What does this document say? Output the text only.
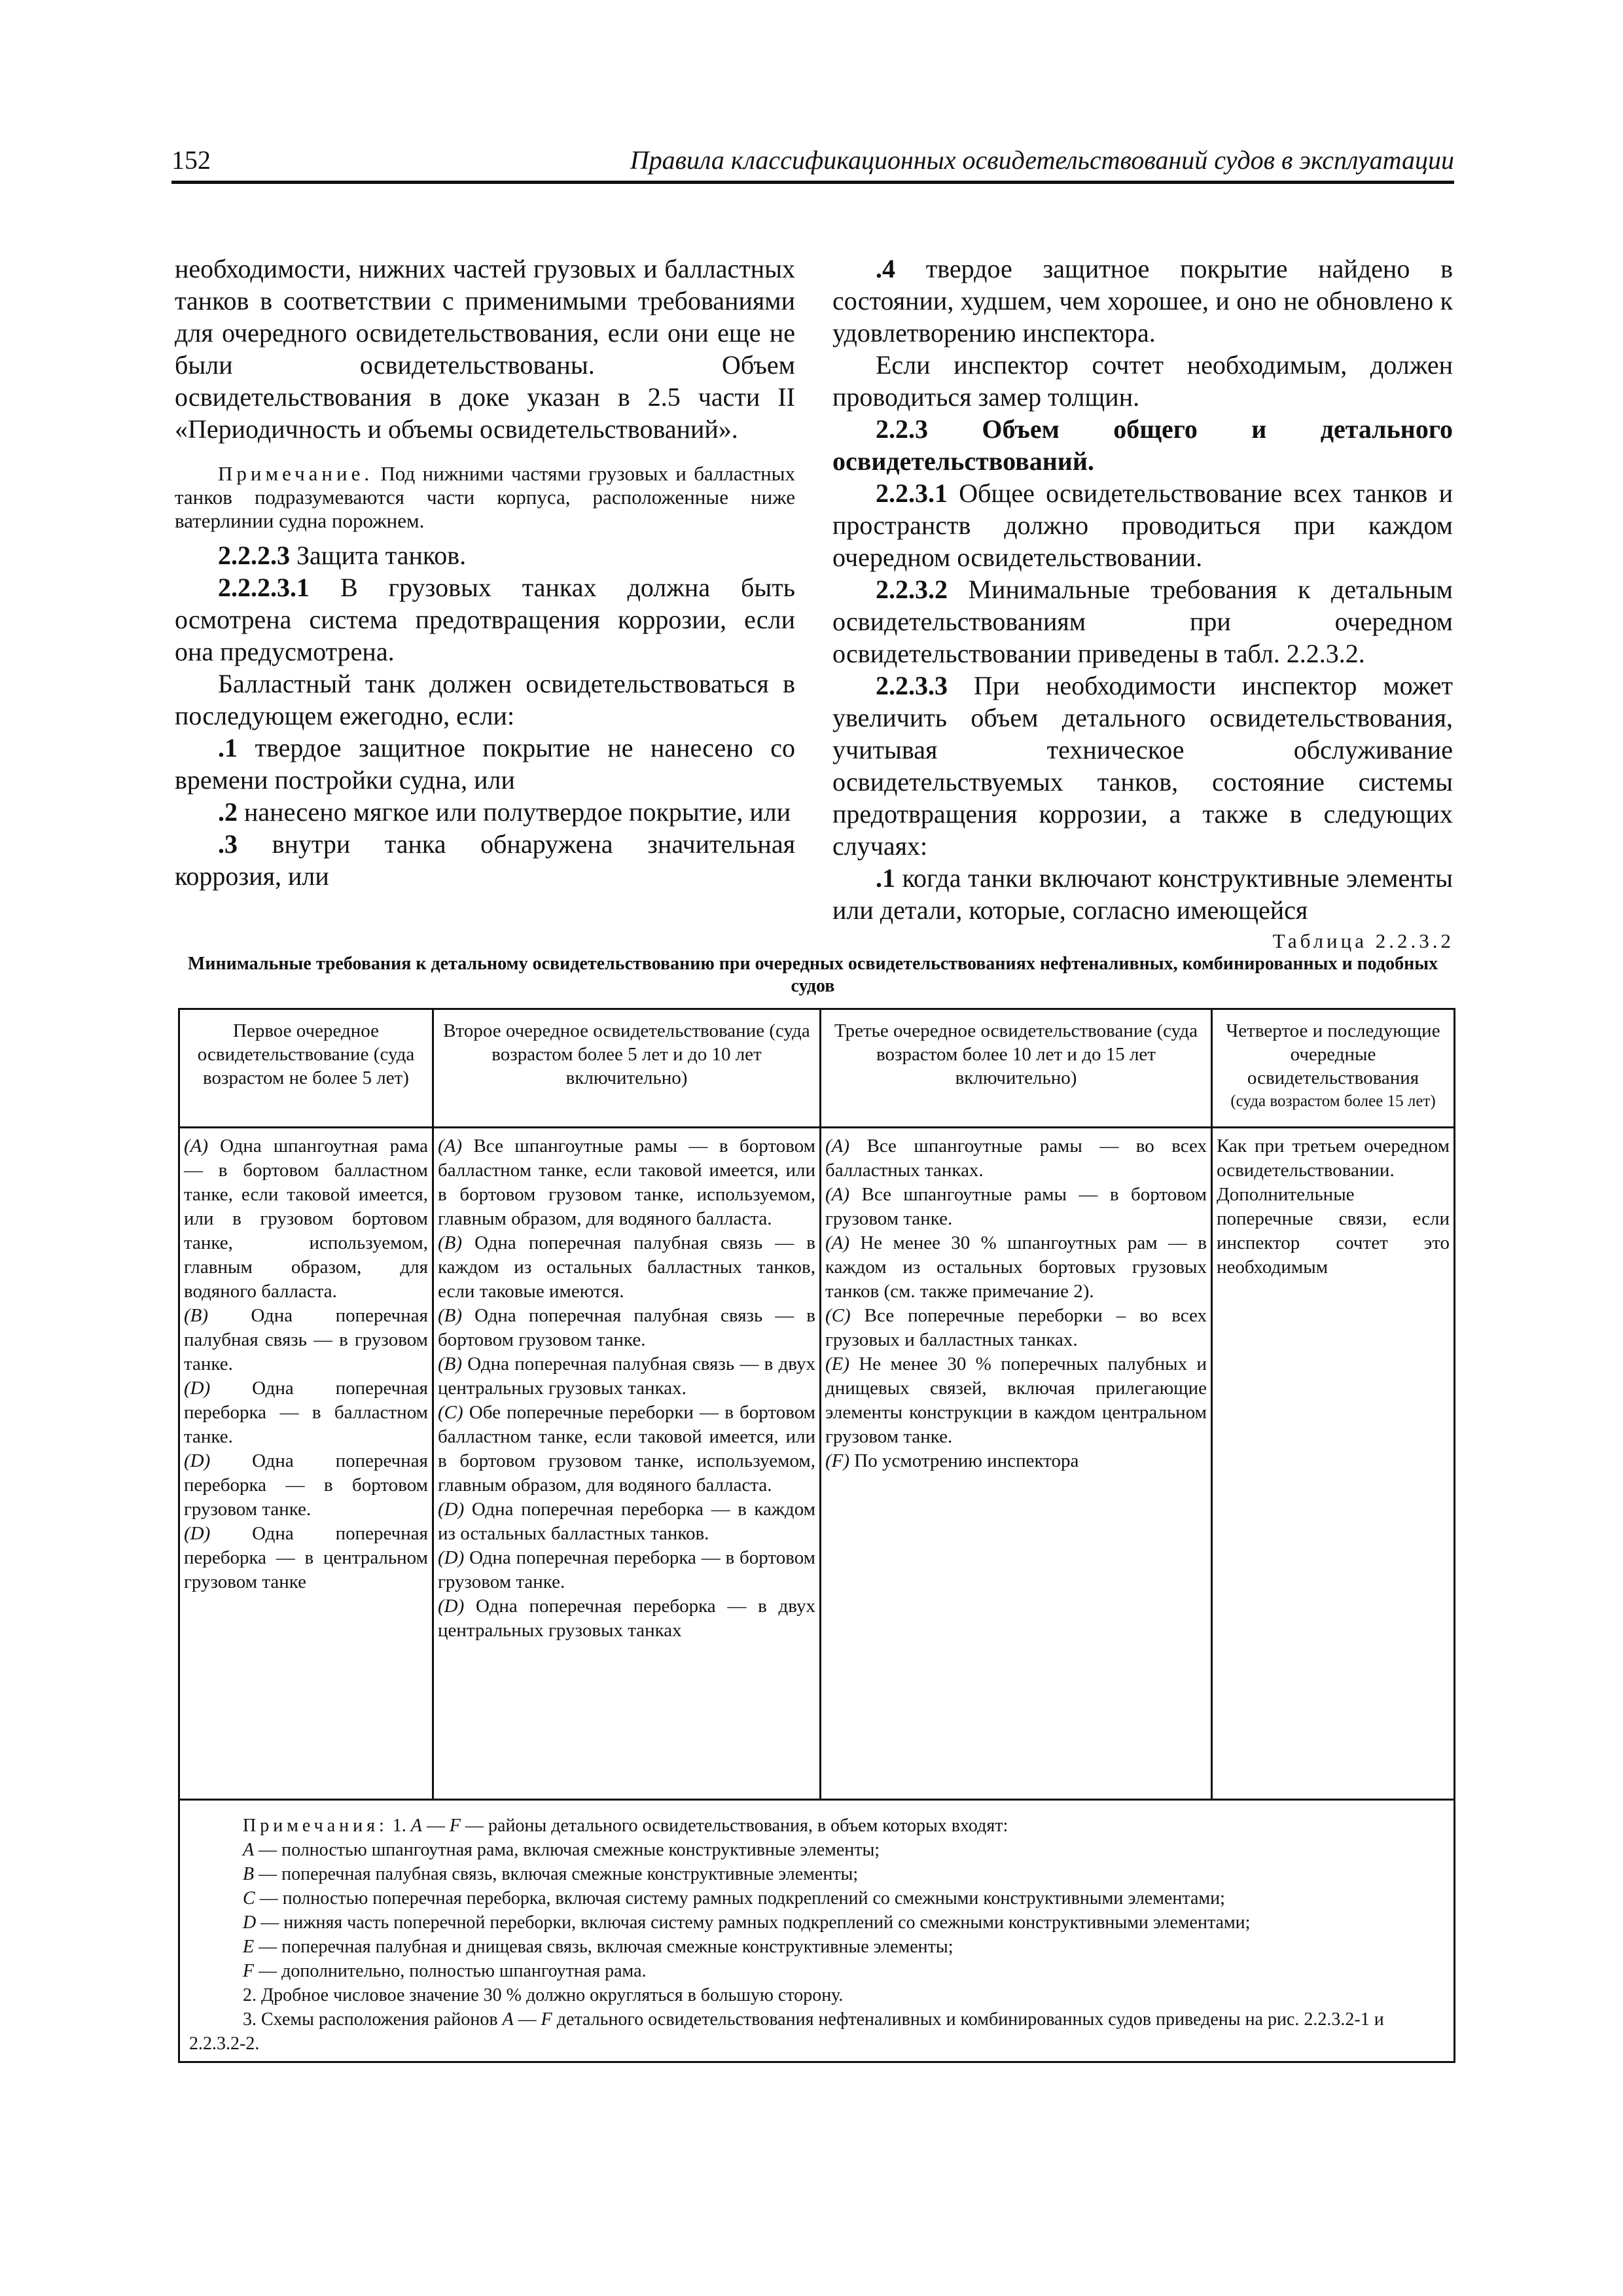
152	Правила классификационных освидетельствований судов в эксплуатации

необходимости, нижних частей грузовых и балластных танков в соответствии с применимыми требованиями для очередного освидетельствования, если они еще не были освидетельствованы. Объем освидетельствования в доке указан в 2.5 части II «Периодичность и объемы освидетельствований».

Примечание. Под нижними частями грузовых и балластных танков подразумеваются части корпуса, расположенные ниже ватерлинии судна порожнем.

2.2.2.3 Защита танков.

2.2.2.3.1 В грузовых танках должна быть осмотрена система предотвращения коррозии, если она предусмотрена.

Балластный танк должен освидетельствоваться в последующем ежегодно, если:

.1 твердое защитное покрытие не нанесено со времени постройки судна, или

.2 нанесено мягкое или полутвердое покрытие, или

.3 внутри танка обнаружена значительная коррозия, или

.4 твердое защитное покрытие найдено в состоянии, худшем, чем хорошее, и оно не обновлено к удовлетворению инспектора.

Если инспектор сочтет необходимым, должен проводиться замер толщин.

2.2.3 Объем общего и детального освидетельствований.

2.2.3.1 Общее освидетельствование всех танков и пространств должно проводиться при каждом очередном освидетельствовании.

2.2.3.2 Минимальные требования к детальным освидетельствованиям при очередном освидетельствовании приведены в табл. 2.2.3.2.

2.2.3.3 При необходимости инспектор может увеличить объем детального освидетельствования, учитывая техническое обслуживание освидетельствуемых танков, состояние системы предотвращения коррозии, а также в следующих случаях:

.1 когда танки включают конструктивные элементы или детали, которые, согласно имеющейся

Таблица 2.2.3.2
Минимальные требования к детальному освидетельствованию при очередных освидетельствованиях нефтеналивных, комбинированных и подобных судов
Первое очередное освидетельствование (суда возрастом не более 5 лет)
Второе очередное освидетельствование (суда возрастом более 5 лет и до 10 лет включительно)
Третье очередное освидетельствование (суда возрастом более 10 лет и до 15 лет включительно)
Четвертое и последующие очередные освидетельствования
(суда возрастом более 15 лет)
(A) Одна шпангоутная рама — в бортовом балластном танке, если таковой имеется, или в грузовом бортовом танке, используемом, главным образом, для водяного балласта.
(B) Одна поперечная палубная связь — в грузовом танке.
(D) Одна поперечная переборка — в балластном танке.
(D) Одна поперечная переборка — в бортовом грузовом танке.
(D) Одна поперечная переборка — в центральном грузовом танке
(A) Все шпангоутные рамы — в бортовом балластном танке, если таковой имеется, или в бортовом грузовом танке, используемом, главным образом, для водяного балласта.
(B) Одна поперечная палубная связь — в каждом из остальных балластных танков, если таковые имеются.
(B) Одна поперечная палубная связь — в бортовом грузовом танке.
(B) Одна поперечная палубная связь — в двух центральных грузовых танках.
(C) Обе поперечные переборки — в бортовом балластном танке, если таковой имеется, или в бортовом грузовом танке, используемом, главным образом, для водяного балласта.
(D) Одна поперечная переборка — в каждом из остальных балластных танков.
(D) Одна поперечная переборка — в бортовом грузовом танке.
(D) Одна поперечная переборка — в двух центральных грузовых танках
(A) Все шпангоутные рамы — во всех балластных танках.
(A) Все шпангоутные рамы — в бортовом грузовом танке.
(A) Не менее 30 % шпангоутных рам — в каждом из остальных бортовых грузовых танков (см. также примечание 2).
(C) Все поперечные переборки – во всех грузовых и балластных танках.
(E) Не менее 30 % поперечных палубных и днищевых связей, включая прилегающие элементы конструкции в каждом центральном грузовом танке.
(F) По усмотрению инспектора
Как при третьем очередном освидетельствовании.
Дополнительные поперечные связи, если инспектор сочтет это необходимым
Примечания: 1. A — F — районы детального освидетельствования, в объем которых входят:
A — полностью шпангоутная рама, включая смежные конструктивные элементы;
B — поперечная палубная связь, включая смежные конструктивные элементы;
C — полностью поперечная переборка, включая систему рамных подкреплений со смежными конструктивными элементами;
D — нижняя часть поперечной переборки, включая систему рамных подкреплений со смежными конструктивными элементами;
E — поперечная палубная и днищевая связь, включая смежные конструктивные элементы;
F — дополнительно, полностью шпангоутная рама.
2. Дробное числовое значение 30 % должно округляться в большую сторону.
3. Схемы расположения районов A — F детального освидетельствования нефтеналивных и комбинированных судов приведены на рис. 2.2.3.2-1 и 2.2.3.2-2.
